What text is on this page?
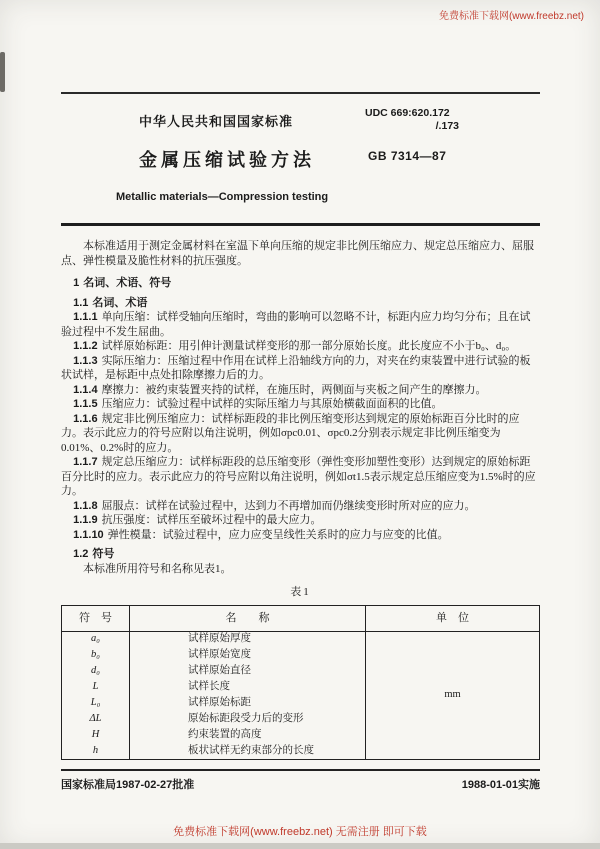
免费标准下载网(www.freebz.net)
中华人民共和国国家标准
UDC 669:620.172
/.173
金属压缩试验方法	GB 7314—87
Metallic materials—Compression testing
本标准适用于测定金属材料在室温下单向压缩的规定非比例压缩应力、规定总压缩应力、屈服点、弹性模量及脆性材料的抗压强度。
1 名词、术语、符号
1.1 名词、术语
1.1.1 单向压缩：试样受轴向压缩时，弯曲的影响可以忽略不计，标距内应力均匀分布；且在试验过程中不发生屈曲。
1.1.2 试样原始标距：用引伸计测量试样变形的那一部分原始长度。此长度应不小于b₀、d₀。
1.1.3 实际压缩力：压缩过程中作用在试样上沿轴线方向的力，对夹在约束装置中进行试验的板状试样，是标距中点处扣除摩擦力后的力。
1.1.4 摩擦力：被约束装置夹持的试样，在施压时，两侧面与夹板之间产生的摩擦力。
1.1.5 压缩应力：试验过程中试样的实际压缩力与其原始横截面面积的比值。
1.1.6 规定非比例压缩应力：试样标距段的非比例压缩变形达到规定的原始标距百分比时的应力。表示此应力的符号应附以角注说明，例如σpc0.01、σpc0.2分别表示规定非比例压缩变为0.01%、0.2%时的应力。
1.1.7 规定总压缩应力：试样标距段的总压缩变形（弹性变形加塑性变形）达到规定的原始标距百分比时的应力。表示此应力的符号应附以角注说明，例如σt1.5表示规定总压缩应变为1.5%时的应力。
1.1.8 屈服点：试样在试验过程中，达到力不再增加而仍继续变形时所对应的应力。
1.1.9 抗压强度：试样压至破坏过程中的最大应力。
1.1.10 弹性模量：试验过程中，应力应变呈线性关系时的应力与应变的比值。
1.2 符号
本标准所用符号和名称见表1。
表1
符　号	名　　称	单　位
a₀	试样原始厚度	mm
b₀	试样原始宽度	
d₀	试样原始直径	
L	试样长度	
L₀	试样原始标距	
ΔL	原始标距段受力后的变形	
H	约束装置的高度	
h	板状试样无约束部分的长度	
国家标准局1987-02-27批准	1988-01-01实施
免费标准下载网(www.freebz.net) 无需注册 即可下载
